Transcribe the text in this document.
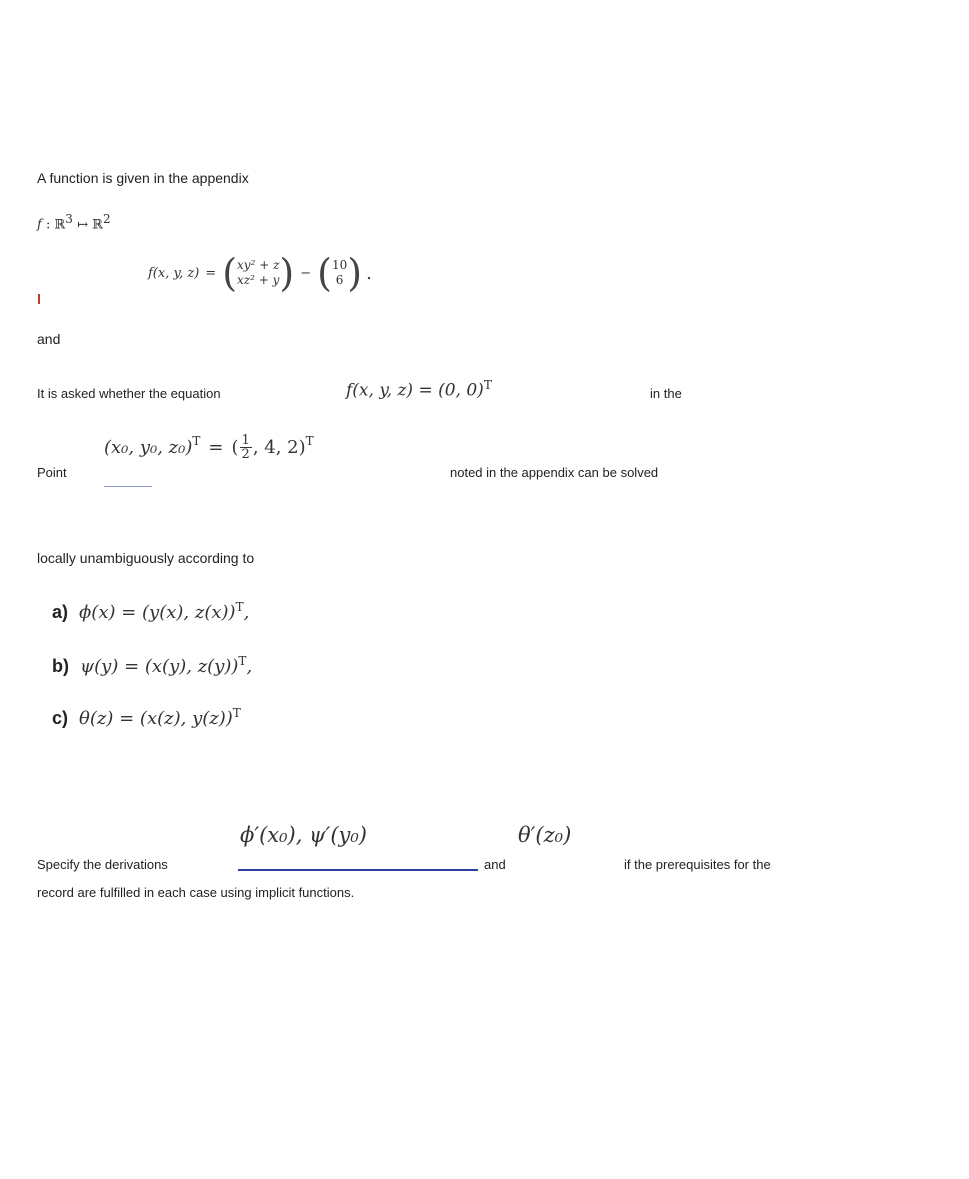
A function is given in the appendix
f : ℝ3 ↦ ℝ2
f(x, y, z) = ( xy² + z
xz² + y ) − ( 10
6 ) .
and
It is asked whether the equation	f(x, y, z) = (0, 0)$^T$
in the
Point
(x₀, y₀, z₀) T = ( $\frac{1}{2}$ , 4, 2) T
noted in the appendix can be solved
locally unambiguously according to
a) ϕ(x) = (y(x), z(x))$^T$,
b) ψ(y) = (x(y), z(y))$^T$,
c) θ(z) = (x(z), y(z))$^T$
Specify the derivations
ϕ′(x₀), ψ′(y₀)
and
θ′(z₀)
if the prerequisites for the
record are fulfilled in each case using implicit functions.
